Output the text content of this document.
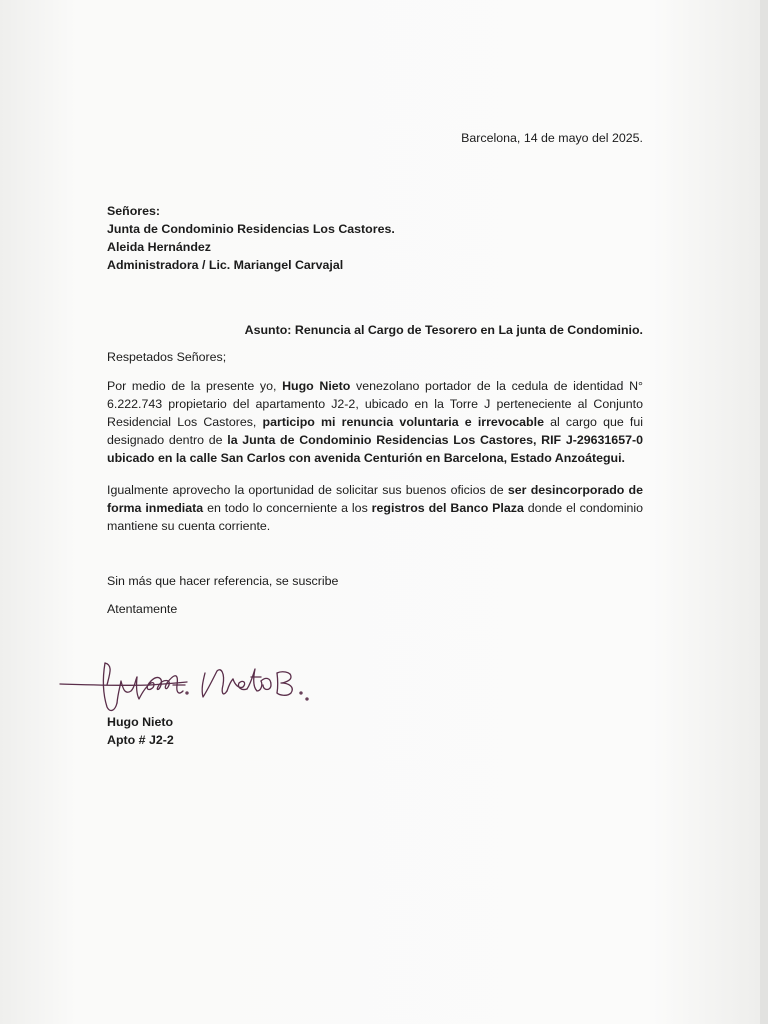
Barcelona, 14 de mayo del 2025.
Señores:
Junta de Condominio Residencias Los Castores.
Aleida Hernández
Administradora / Lic. Mariangel Carvajal
Asunto: Renuncia al Cargo de Tesorero en La junta de Condominio.
Respetados Señores;
Por medio de la presente yo, Hugo Nieto venezolano portador de la cedula de identidad N° 6.222.743 propietario del apartamento J2-2, ubicado en la Torre J perteneciente al Conjunto Residencial Los Castores, participo mi renuncia voluntaria e irrevocable al cargo que fui designado dentro de la Junta de Condominio Residencias Los Castores, RIF J-29631657-0 ubicado en la calle San Carlos con avenida Centurión en Barcelona, Estado Anzoátegui.
Igualmente aprovecho la oportunidad de solicitar sus buenos oficios de ser desincorporado de forma inmediata en todo lo concerniente a los registros del Banco Plaza donde el condominio mantiene su cuenta corriente.
Sin más que hacer referencia, se suscribe
Atentamente
Hugo Nieto
Apto # J2-2
